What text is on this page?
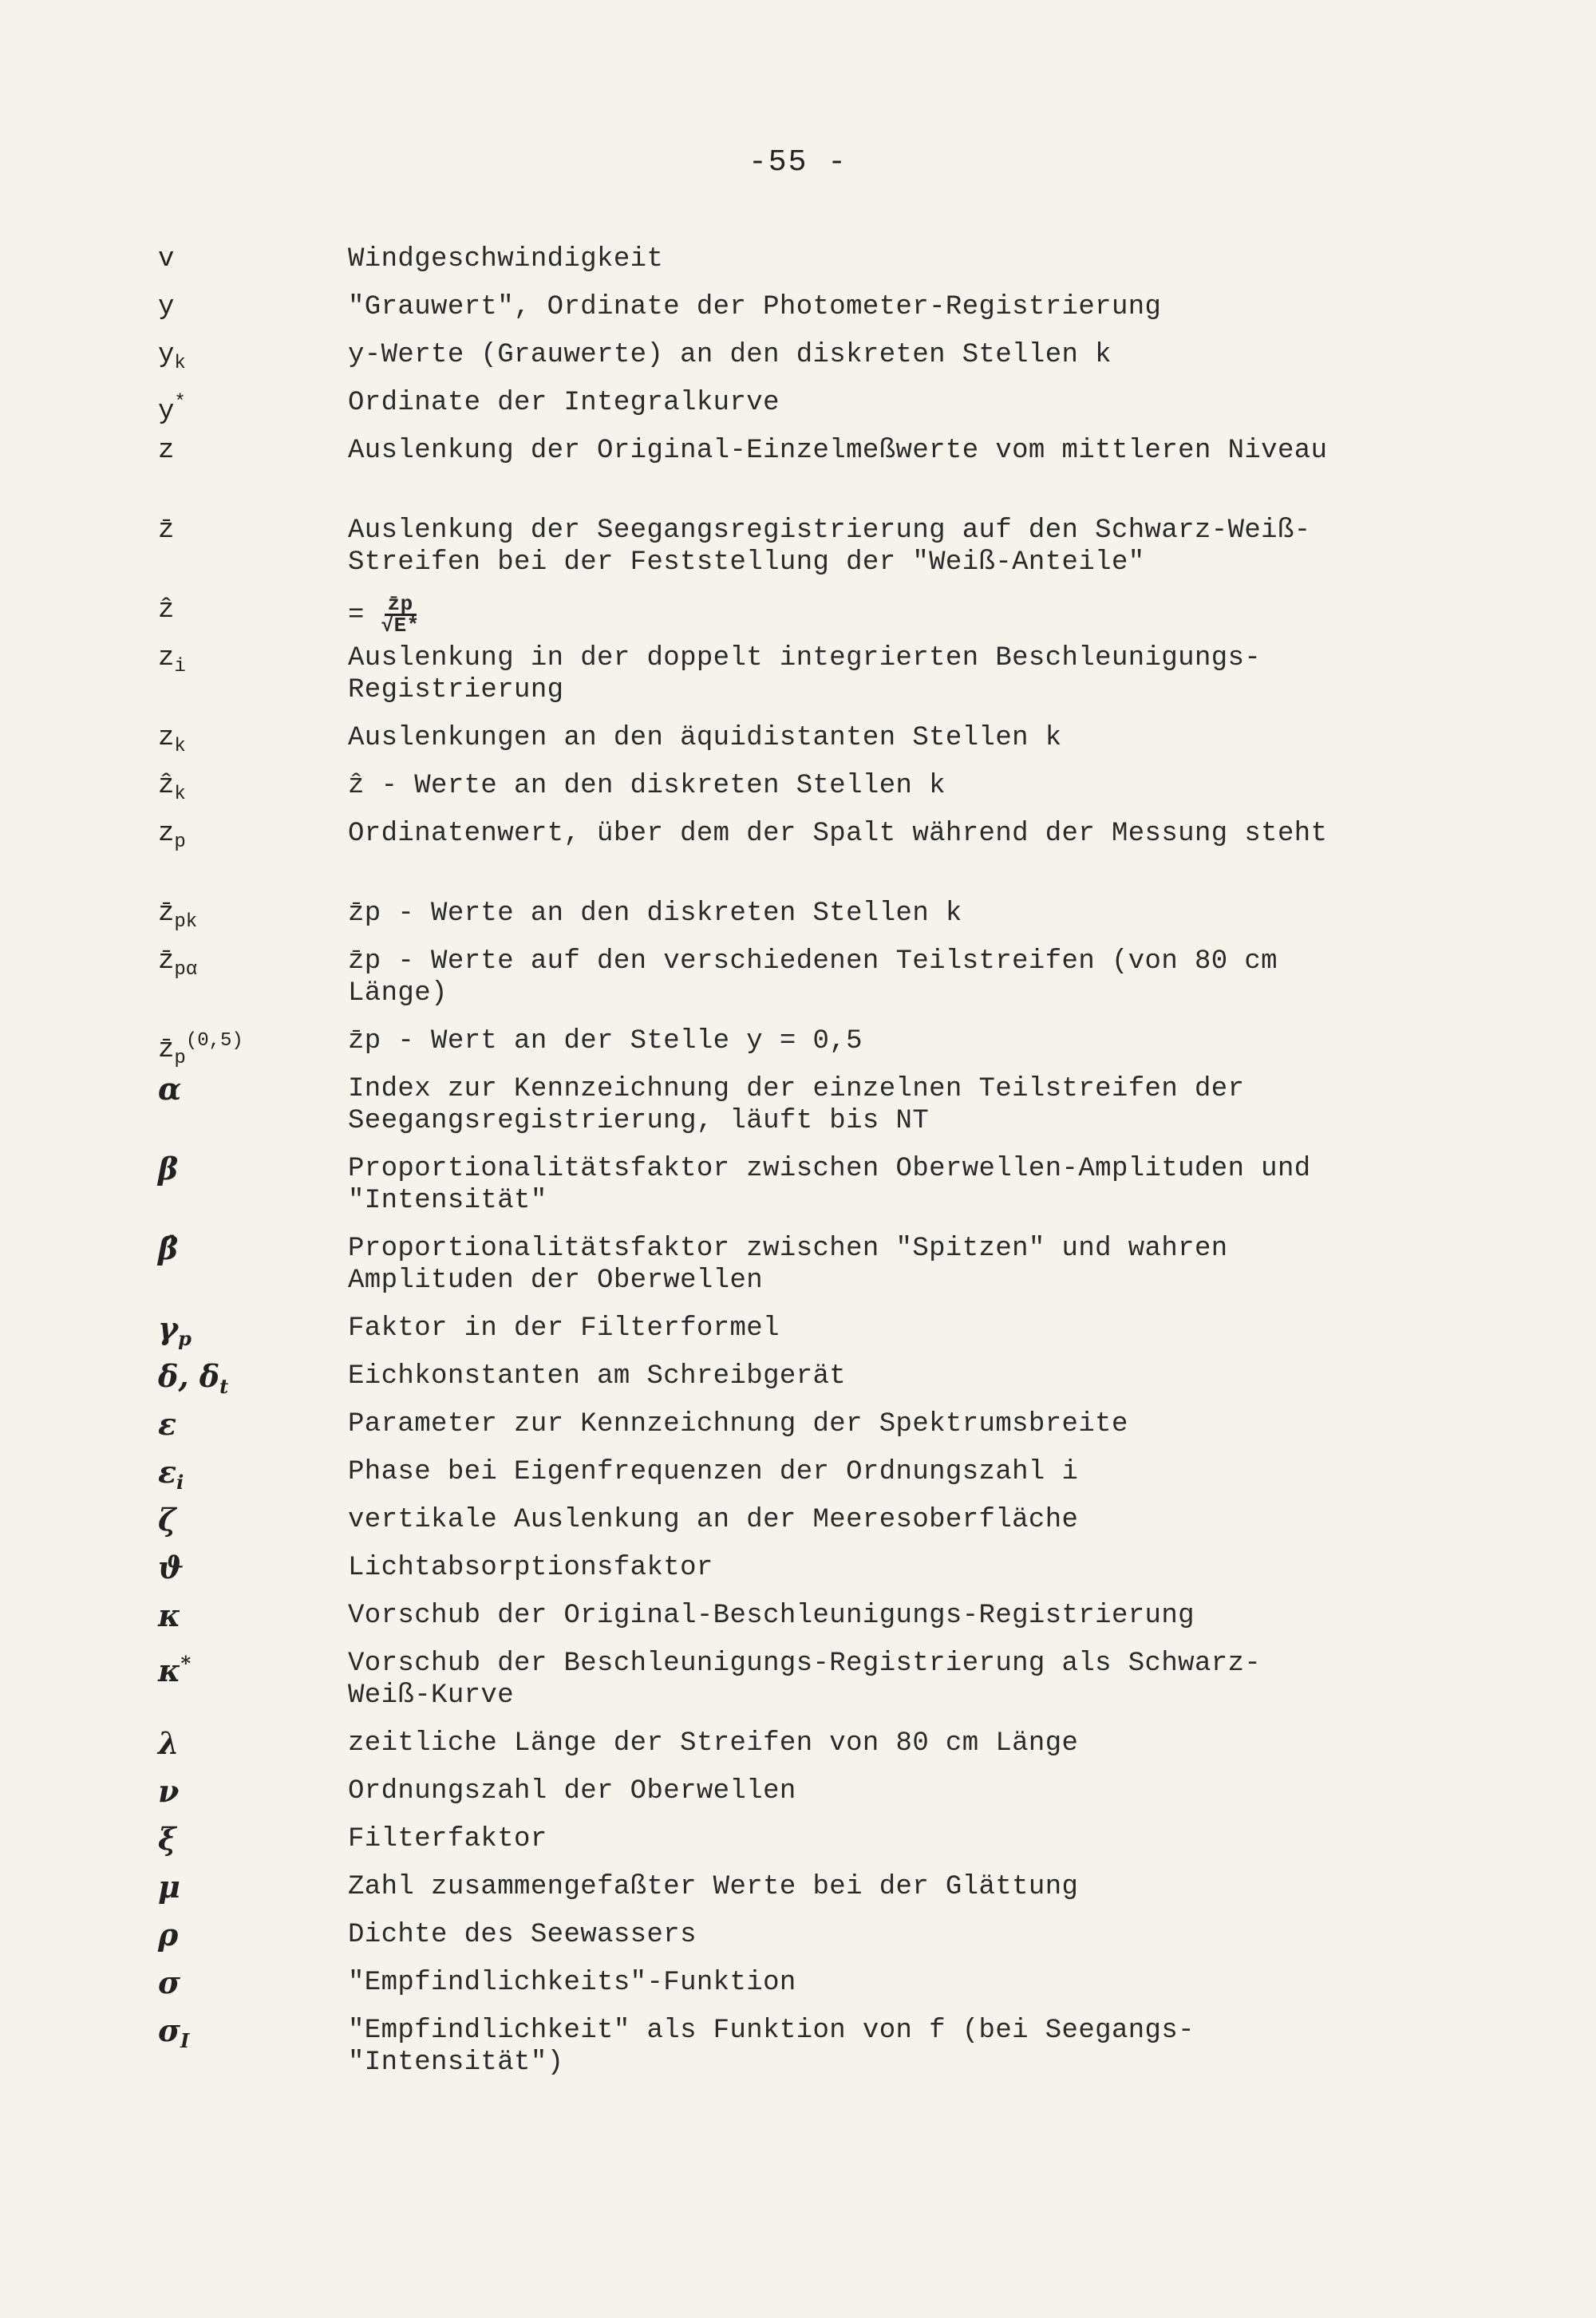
-55 -
v	Windgeschwindigkeit
y	"Grauwert", Ordinate der Photometer-Registrierung
$y_k$	y-Werte (Grauwerte) an den diskreten Stellen k
y*	Ordinate der Integralkurve
z	Auslenkung der Original-Einzelmeßwerte vom mittleren Niveau
z̄	Auslenkung der Seegangsregistrierung auf den Schwarz-Weiß-Streifen bei der Feststellung der "Weiß-Anteile"
ẑ	= $\frac{z̄p}{√E*}$
$z_i$	Auslenkung in der doppelt integrierten Beschleunigungs-Registrierung
$z_k$	Auslenkungen an den äquidistanten Stellen k
ẑ$_k$	ẑ - Werte an den diskreten Stellen k
$z_p$	Ordinatenwert, über dem der Spalt während der Messung steht
$z̄_{pk}$	z̄p - Werte an den diskreten Stellen k
$z̄_{p\alpha}$	z̄p - Werte auf den verschiedenen Teilstreifen (von 80 cm Länge)
$z̄_p^{(0,5)}$	z̄p - Wert an der Stelle y = 0,5
α	Index zur Kennzeichnung der einzelnen Teilstreifen der Seegangsregistrierung, läuft bis NT
β	Proportionalitätsfaktor zwischen Oberwellen-Amplituden und "Intensität"
β̂	Proportionalitätsfaktor zwischen "Spitzen" und wahren Amplituden der Oberwellen
$\gamma_p$	Faktor in der Filterformel
δ, $\delta_t$	Eichkonstanten am Schreibgerät
ε	Parameter zur Kennzeichnung der Spektrumsbreite
$\varepsilon_i$	Phase bei Eigenfrequenzen der Ordnungszahl i
ζ	vertikale Auslenkung an der Meeresoberfläche
ϑ	Lichtabsorptionsfaktor
κ	Vorschub der Original-Beschleunigungs-Registrierung
κ*	Vorschub der Beschleunigungs-Registrierung als Schwarz-Weiß-Kurve
λ	zeitliche Länge der Streifen von 80 cm Länge
ν	Ordnungszahl der Oberwellen
ξ	Filterfaktor
μ	Zahl zusammengefaßter Werte bei der Glättung
ρ	Dichte des Seewassers
σ	"Empfindlichkeits"-Funktion
$\sigma_I$	"Empfindlichkeit" als Funktion von f (bei Seegangs-"Intensität")
